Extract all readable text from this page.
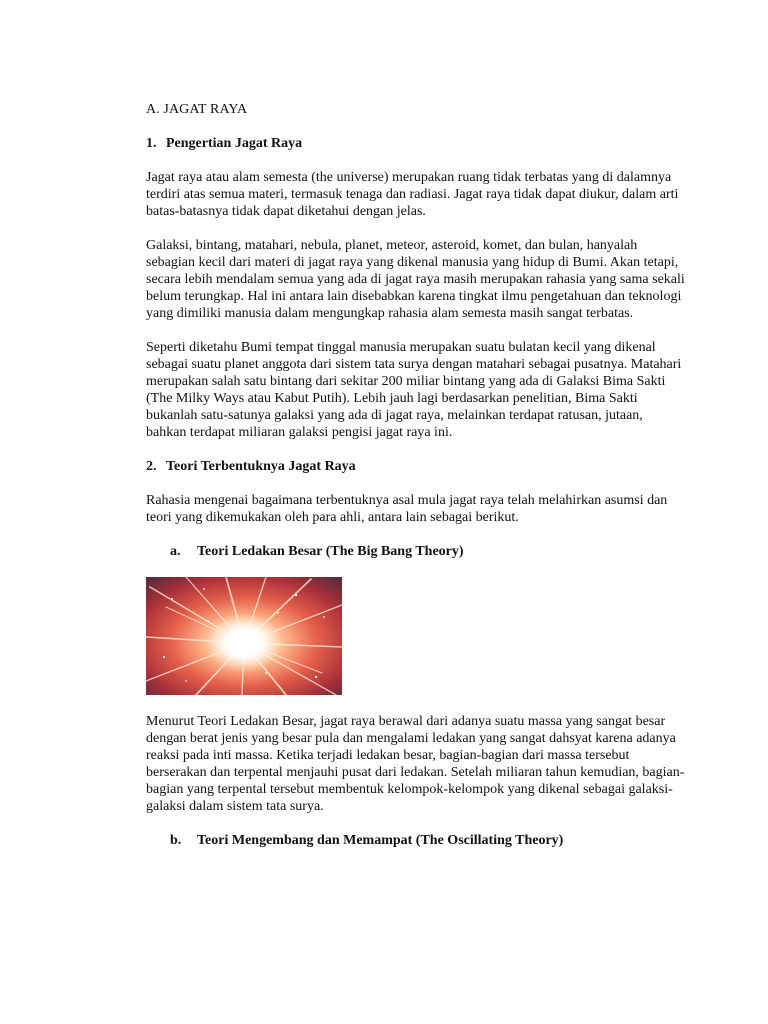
A. JAGAT RAYA
1. Pengertian Jagat Raya

Jagat raya atau alam semesta (the universe) merupakan ruang tidak terbatas yang di dalamnya terdiri atas semua materi, termasuk tenaga dan radiasi. Jagat raya tidak dapat diukur, dalam arti batas-batasnya tidak dapat diketahui dengan jelas.

Galaksi, bintang, matahari, nebula, planet, meteor, asteroid, komet, dan bulan, hanyalah sebagian kecil dari materi di jagat raya yang dikenal manusia yang hidup di Bumi. Akan tetapi, secara lebih mendalam semua yang ada di jagat raya masih merupakan rahasia yang sama sekali belum terungkap. Hal ini antara lain disebabkan karena tingkat ilmu pengetahuan dan teknologi yang dimiliki manusia dalam mengungkap rahasia alam semesta masih sangat terbatas.

Seperti diketahu Bumi tempat tinggal manusia merupakan suatu bulatan kecil yang dikenal sebagai suatu planet anggota dari sistem tata surya dengan matahari sebagai pusatnya. Matahari merupakan salah satu bintang dari sekitar 200 miliar bintang yang ada di Galaksi Bima Sakti (The Milky Ways atau Kabut Putih). Lebih jauh lagi berdasarkan penelitian, Bima Sakti bukanlah satu-satunya galaksi yang ada di jagat raya, melainkan terdapat ratusan, jutaan, bahkan terdapat miliaran galaksi pengisi jagat raya ini.

2. Teori Terbentuknya Jagat Raya

Rahasia mengenai bagaimana terbentuknya asal mula jagat raya telah melahirkan asumsi dan teori yang dikemukakan oleh para ahli, antara lain sebagai berikut.

a. Teori Ledakan Besar (The Big Bang Theory)

Menurut Teori Ledakan Besar, jagat raya berawal dari adanya suatu massa yang sangat besar dengan berat jenis yang besar pula dan mengalami ledakan yang sangat dahsyat karena adanya reaksi pada inti massa. Ketika terjadi ledakan besar, bagian-bagian dari massa tersebut berserakan dan terpental menjauhi pusat dari ledakan. Setelah miliaran tahun kemudian, bagian-bagian yang terpental tersebut membentuk kelompok-kelompok yang dikenal sebagai galaksi-galaksi dalam sistem tata surya.

b. Teori Mengembang dan Memampat (The Oscillating Theory)
